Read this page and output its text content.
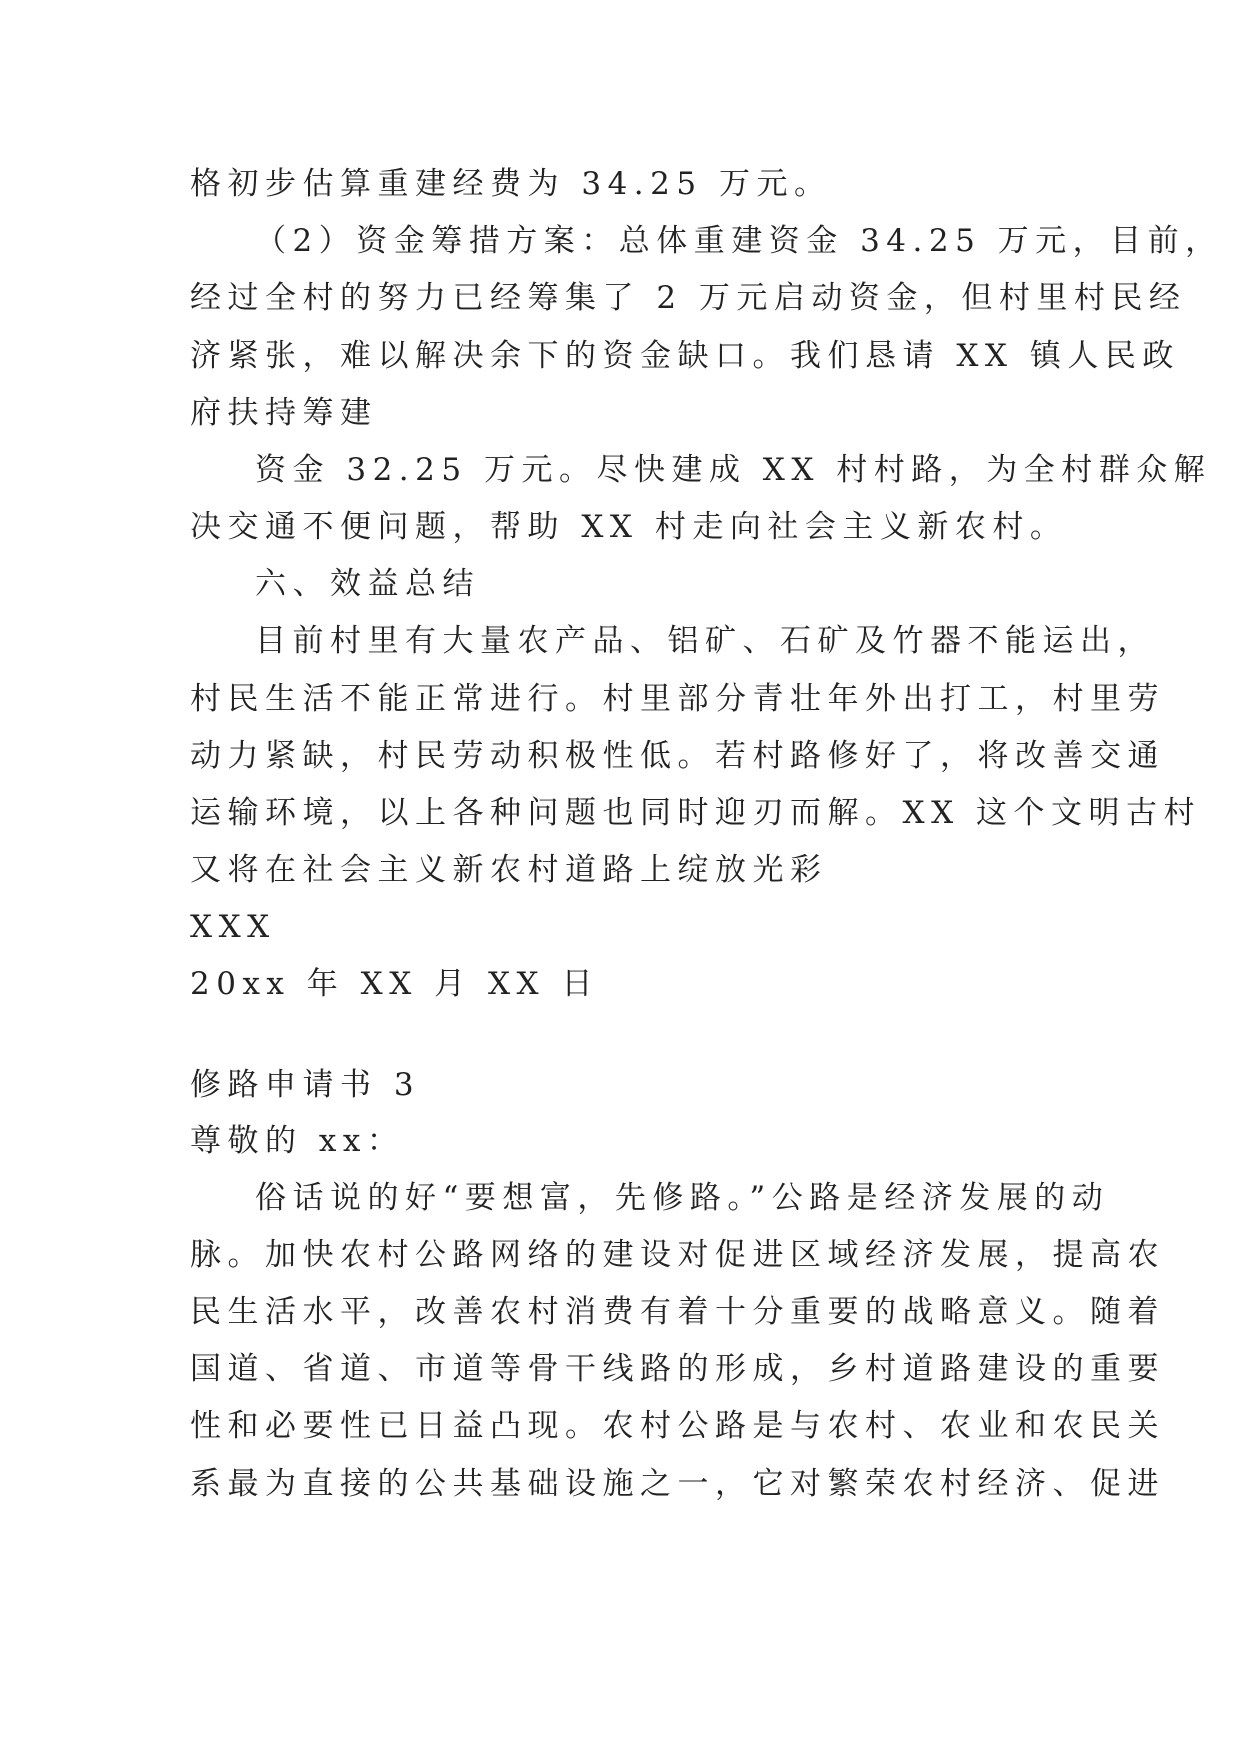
格初步估算重建经费为 34.25 万元。
（2）资金筹措方案：总体重建资金 34.25 万元，目前，
经过全村的努力已经筹集了 2 万元启动资金，但村里村民经
济紧张，难以解决余下的资金缺口。我们恳请 XX 镇人民政
府扶持筹建
资金 32.25 万元。尽快建成 XX 村村路，为全村群众解
决交通不便问题，帮助 XX 村走向社会主义新农村。
六、效益总结
目前村里有大量农产品、铝矿、石矿及竹器不能运出，
村民生活不能正常进行。村里部分青壮年外出打工，村里劳
动力紧缺，村民劳动积极性低。若村路修好了，将改善交通
运输环境，以上各种问题也同时迎刃而解。XX 这个文明古村
又将在社会主义新农村道路上绽放光彩
XXX
20xx 年 XX 月 XX 日
修路申请书 3
尊敬的 xx：
俗话说的好“要想富，先修路。”公路是经济发展的动
脉。加快农村公路网络的建设对促进区域经济发展，提高农
民生活水平，改善农村消费有着十分重要的战略意义。随着
国道、省道、市道等骨干线路的形成，乡村道路建设的重要
性和必要性已日益凸现。农村公路是与农村、农业和农民关
系最为直接的公共基础设施之一，它对繁荣农村经济、促进
